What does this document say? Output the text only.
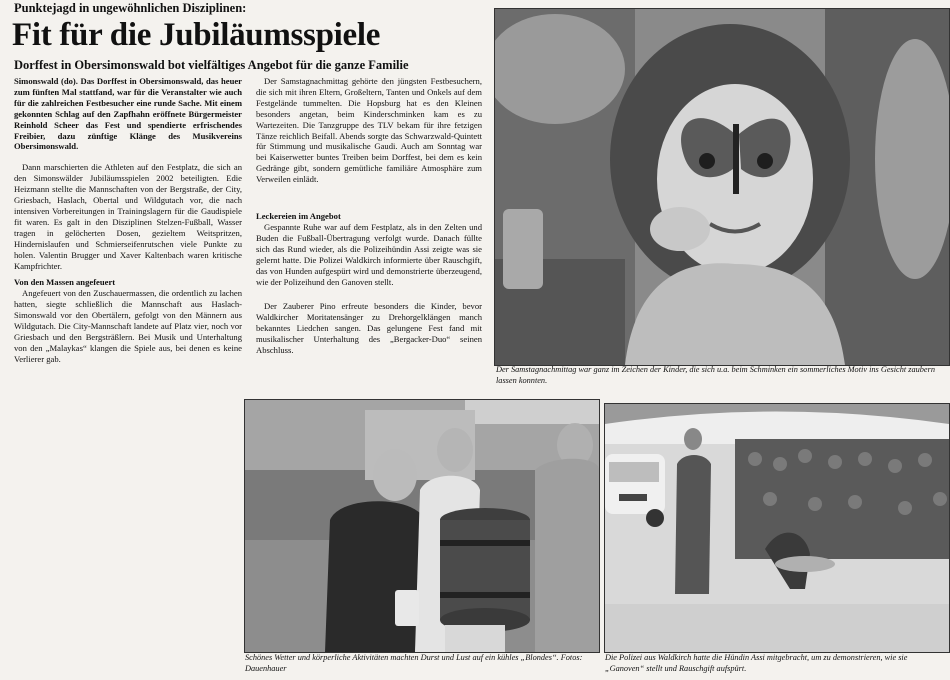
Punktejagd in ungewöhnlichen Disziplinen:
Fit für die Jubiläumsspiele
Dorffest in Obersimonswald bot vielfältiges Angebot für die ganze Familie

Simonswald (do). Das Dorffest in Obersimonswald, das heuer zum fünften Mal stattfand, war für die Veranstalter wie auch für die zahlreichen Festbesucher eine runde Sache. Mit einem gekonnten Schlag auf den Zapfhahn eröffnete Bürgermeister Reinhold Scheer das Fest und spendierte erfrischendes Freibier, dazu zünftige Klänge des Musikvereins Obersimonswald.

Dann marschierten die Athleten auf den Festplatz, die sich an den Simonswälder Jubiläumsspielen 2002 beteiligten. Edie Heizmann stellte die Mannschaften von der Bergstraße, der City, Griesbach, Haslach, Obertal und Wildgutach vor, die nach intensiven Vorbereitungen in Trainingslagern für die Gaudispiele fit waren. Es galt in den Disziplinen Stelzen-Fußball, Wasser tragen in gelöcherten Dosen, gezieltem Weitspritzen, Hindernislaufen und Schmierseifenrutschen viele Punkte zu holen. Valentin Brugger und Xaver Kaltenbach waren kritische Kampfrichter.

Von den Massen angefeuert

Angefeuert von den Zuschauermassen, die ordentlich zu lachen hatten, siegte schließlich die Mannschaft aus Haslach-Simonswald vor den Obertälern, gefolgt von den Männern aus Wildgutach. Die City-Mannschaft landete auf Platz vier, noch vor Griesbach und den Bergsträßlern. Bei Musik und Unterhaltung von den „Malaykas“ klangen die Spiele aus, bei denen es keine Verlierer gab.

Der Samstagnachmittag gehörte den jüngsten Festbesuchern, die sich mit ihren Eltern, Großeltern, Tanten und Onkels auf dem Festgelände tummelten. Die Hopsburg hat es den Kleinen besonders angetan, beim Kinderschminken kam es zu Wartezeiten. Die Tanzgruppe des TLV bekam für ihre fetzigen Tänze reichlich Beifall. Abends sorgte das Schwarzwald-Quintett für Stimmung und musikalische Gaudi. Auch am Sonntag war bei Kaiserwetter buntes Treiben beim Dorffest, bei dem es kein Gedränge gibt, sondern gemütliche familiäre Atmosphäre zum Verweilen einlädt.

Leckereien im Angebot

Gespannte Ruhe war auf dem Festplatz, als in den Zelten und Buden die Fußball-Übertragung verfolgt wurde. Danach füllte sich das Rund wieder, als die Polizeihündin Assi zeigte was sie gelernt hatte. Die Polizei Waldkirch informierte über Rauschgift, das von Hunden aufgespürt wird und demonstrierte überzeugend, wie der Polizeihund den Ganoven stellt.

Der Zauberer Pino erfreute besonders die Kinder, bevor Waldkircher Moritatensänger zu Drehorgelklängen manch bekanntes Liedchen sangen. Das gelungene Fest fand mit musikalischer Unterhaltung des „Bergacker-Duo“ seinen Abschluss.

Der Samstagnachmittag war ganz im Zeichen der Kinder, die sich u.a. beim Schminken ein sommerliches Motiv ins Gesicht zaubern lassen konnten.
Schönes Wetter und körperliche Aktivitäten machten Durst und Lust auf ein kühles „Blondes“. Fotos: Dauenhauer
Die Polizei aus Waldkirch hatte die Hündin Assi mitgebracht, um zu demonstrieren, wie sie „Ganoven“ stellt und Rauschgift aufspürt.
